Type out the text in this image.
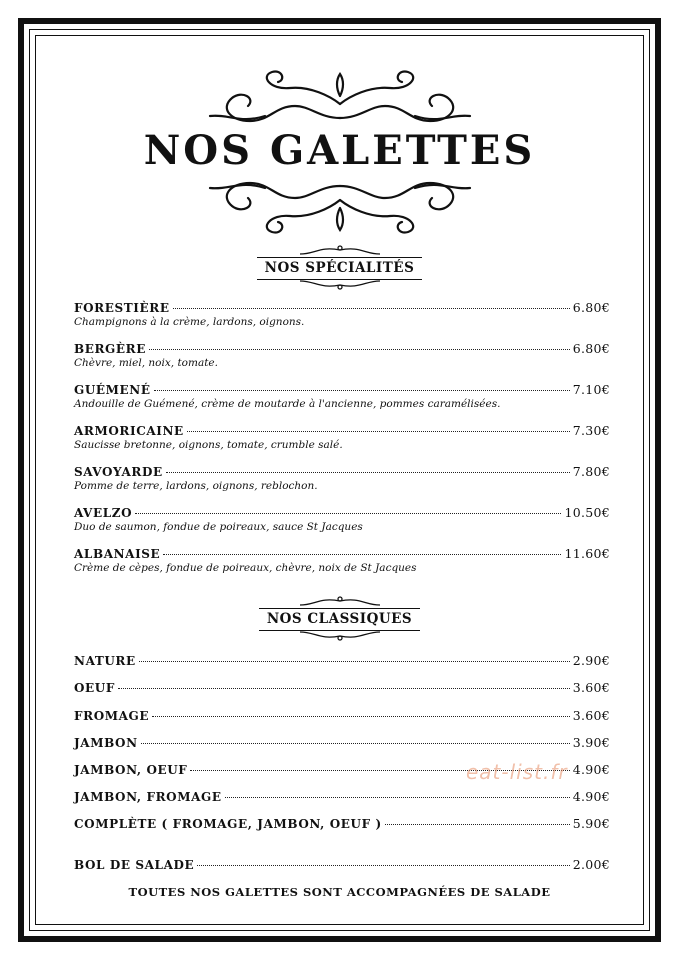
NOS GALETTES
NOS SPÉCIALITÉS
FORESTIÈRE	6.80€
Champignons à la crème, lardons, oignons.
BERGÈRE	6.80€
Chèvre, miel, noix, tomate.
GUÉMENÉ	7.10€
Andouille de Guémené, crème de moutarde à l'ancienne, pommes caramélisées.
ARMORICAINE	7.30€
Saucisse bretonne, oignons, tomate, crumble salé.
SAVOYARDE	7.80€
Pomme de terre, lardons, oignons, reblochon.
AVELZO	10.50€
Duo de saumon, fondue de poireaux, sauce St Jacques
ALBANAISE	11.60€
Crème de cèpes, fondue de poireaux, chèvre, noix de St Jacques
NOS CLASSIQUES
NATURE	2.90€
OEUF	3.60€
FROMAGE	3.60€
JAMBON	3.90€
JAMBON, OEUF	4.90€
JAMBON, FROMAGE	4.90€
COMPLÈTE ( FROMAGE, JAMBON, OEUF )	5.90€
BOL DE SALADE	2.00€
TOUTES NOS GALETTES SONT ACCOMPAGNÉES DE SALADE
eat-list.fr
